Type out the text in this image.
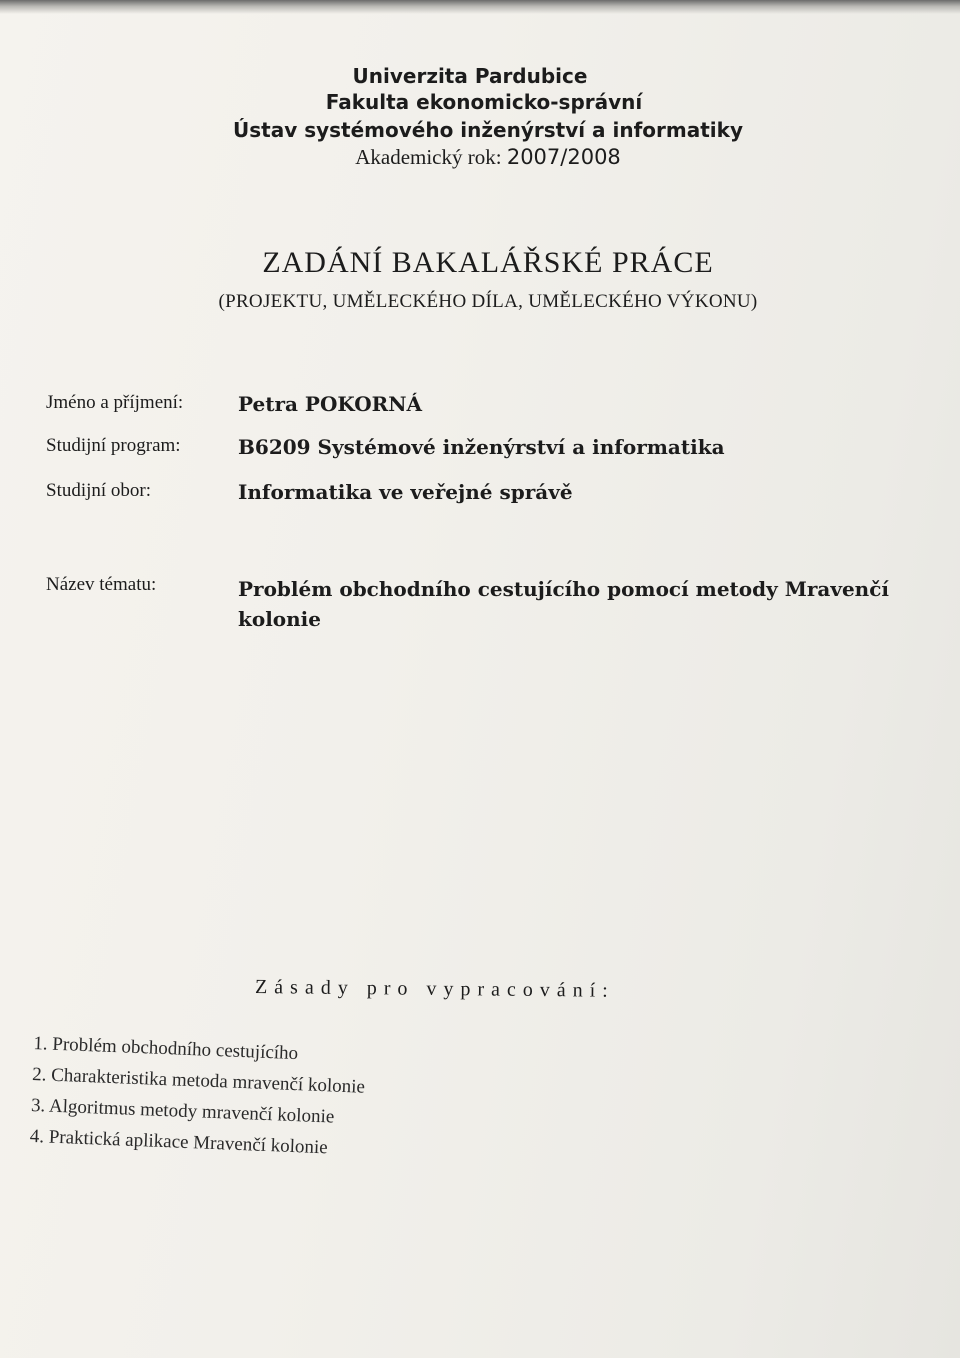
Univerzita Pardubice
Fakulta ekonomicko-správní
Ústav systémového inženýrství a informatiky
Akademický rok: 2007/2008
ZADÁNÍ BAKALÁŘSKÉ PRÁCE
(PROJEKTU, UMĚLECKÉHO DÍLA, UMĚLECKÉHO VÝKONU)
Jméno a příjmení:	Petra POKORNÁ
Studijní program:	B6209 Systémové inženýrství a informatika
Studijní obor:	Informatika ve veřejné správě
Název tématu:	Problém obchodního cestujícího pomocí metody Mravenčí kolonie
Zásady pro vypracování:
1. Problém obchodního cestujícího
2. Charakteristika metoda mravenčí kolonie
3. Algoritmus metody mravenčí kolonie
4. Praktická aplikace Mravenčí kolonie
